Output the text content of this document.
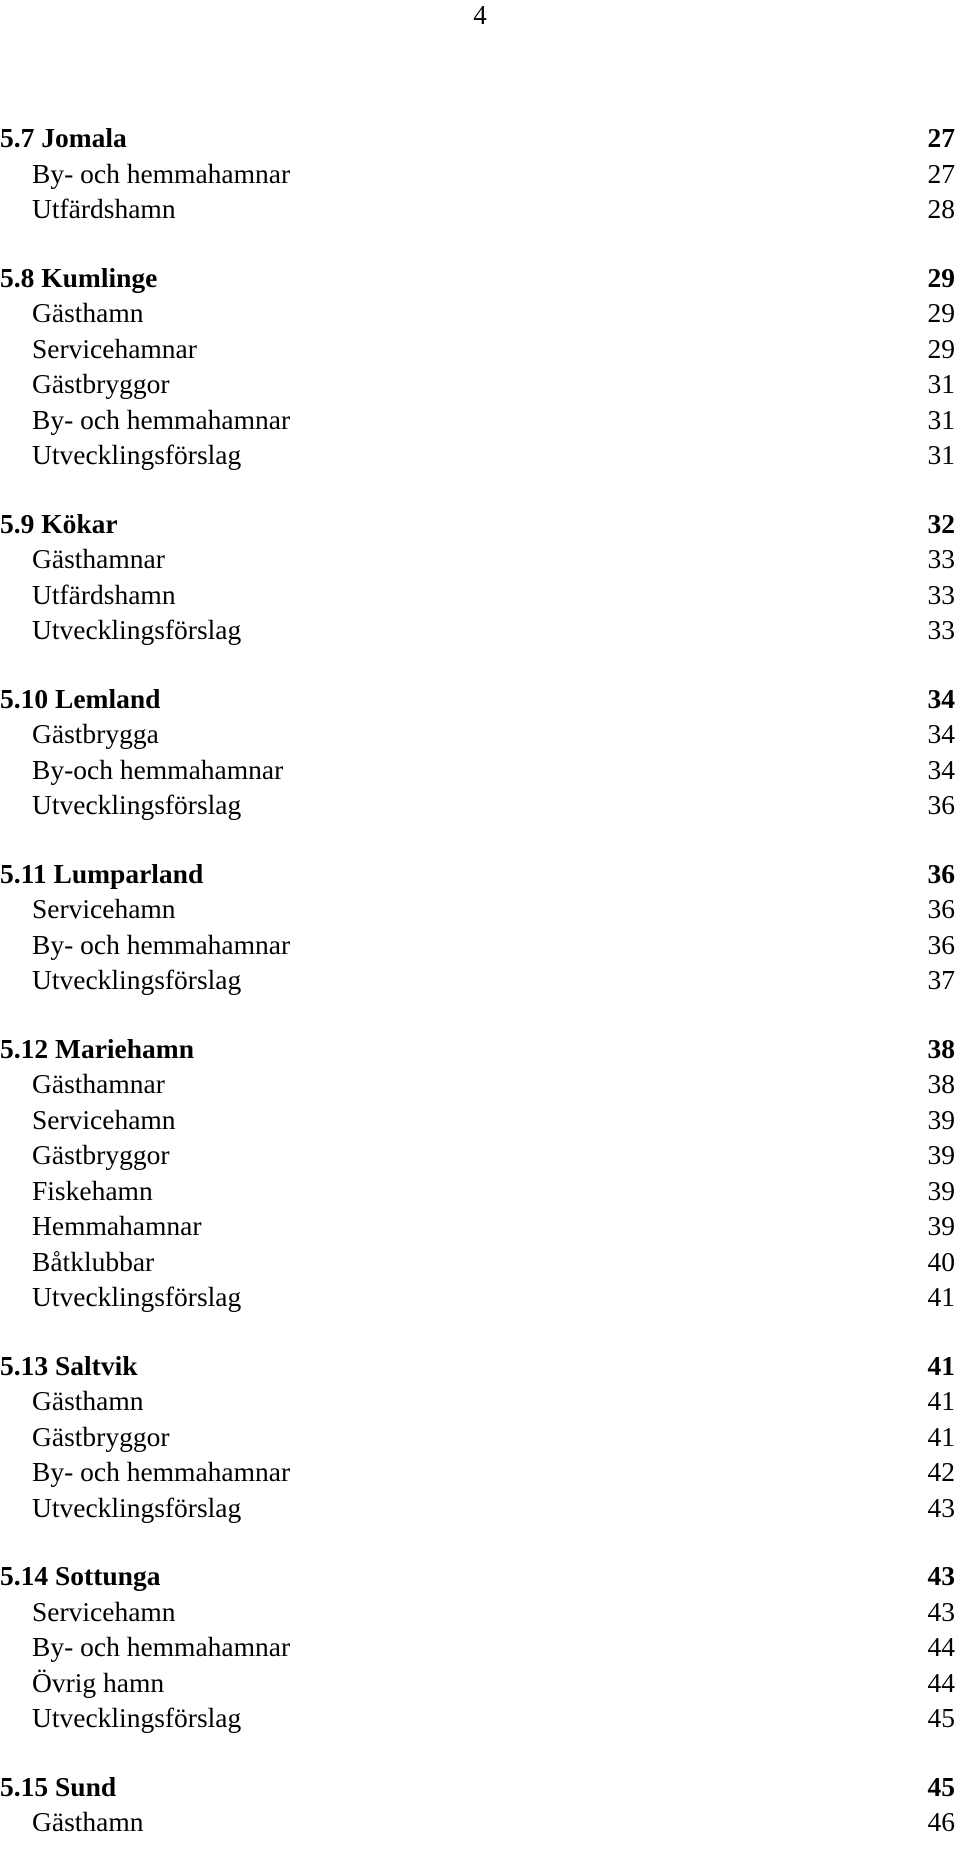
4
5.7 Jomala	27
By- och hemmahamnar	27
Utfärdshamn	28
5.8 Kumlinge	29
Gästhamn	29
Servicehamnar	29
Gästbryggor	31
By- och hemmahamnar	31
Utvecklingsförslag	31
5.9 Kökar	32
Gästhamnar	33
Utfärdshamn	33
Utvecklingsförslag	33
5.10 Lemland	34
Gästbrygga	34
By-och hemmahamnar	34
Utvecklingsförslag	36
5.11 Lumparland	36
Servicehamn	36
By- och hemmahamnar	36
Utvecklingsförslag	37
5.12 Mariehamn	38
Gästhamnar	38
Servicehamn	39
Gästbryggor	39
Fiskehamn	39
Hemmahamnar	39
Båtklubbar	40
Utvecklingsförslag	41
5.13 Saltvik	41
Gästhamn	41
Gästbryggor	41
By- och hemmahamnar	42
Utvecklingsförslag	43
5.14 Sottunga	43
Servicehamn	43
By- och hemmahamnar	44
Övrig hamn	44
Utvecklingsförslag	45
5.15 Sund	45
Gästhamn	46
